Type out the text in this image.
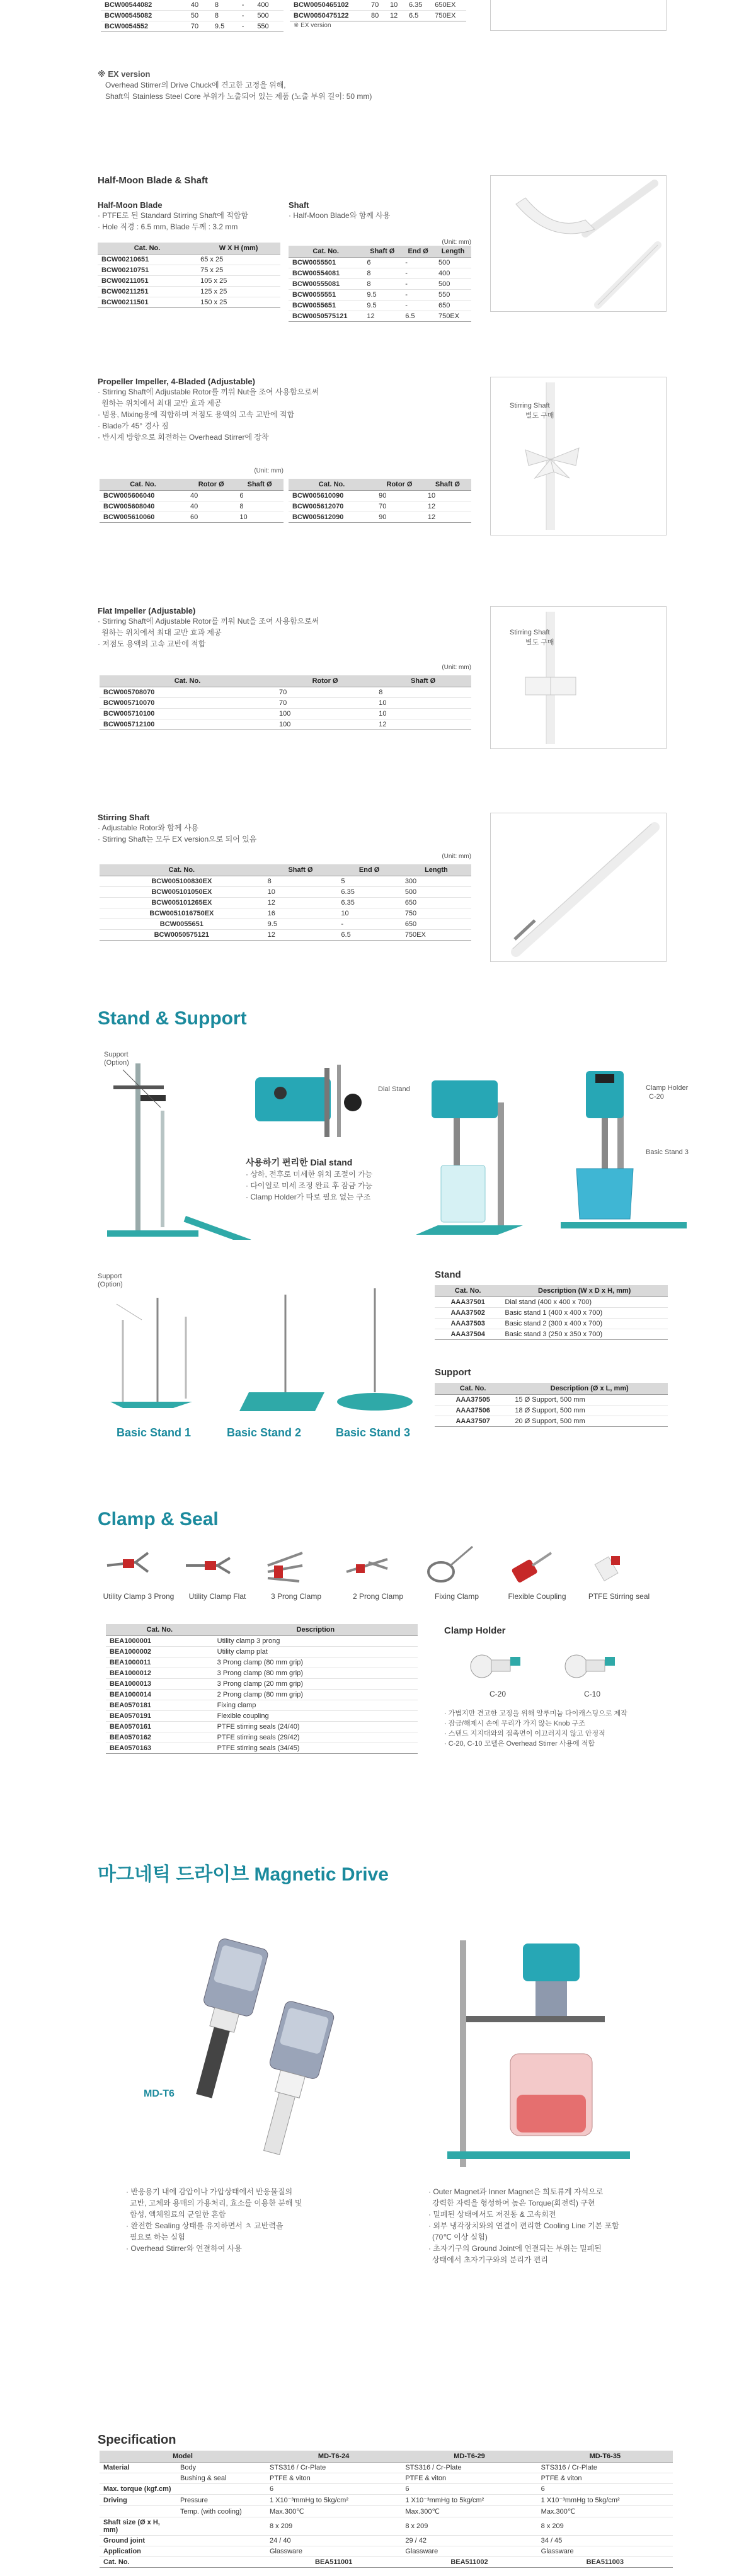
BCW00544082	40	8	-	400
BCW00545082	50	8	-	500
BCW0054552	70	9.5	-	550
BCW0050465102	70	10	6.35	650EX
BCW0050475122	80	12	6.5	750EX
※ EX version
※ EX version
Overhead Stirrer의 Drive Chuck에 견고한 고정을 위해,
Shaft의 Stainless Steel Core 부위가 노출되어 있는 제품 (노출 부위 길이: 50 mm)
Half-Moon Blade & Shaft
Half-Moon Blade
· PTFE로 된 Standard Stirring Shaft에 적합함
· Hole 직경 : 6.5 mm, Blade 두께 : 3.2 mm
Cat. No.	W X H (mm)
BCW00210651	65 x 25
BCW00210751	75 x 25
BCW00211051	105 x 25
BCW00211251	125 x 25
BCW00211501	150 x 25
Shaft
· Half-Moon Blade와 함께 사용
(Unit: mm)
Cat. No.	Shaft Ø	End Ø	Length
BCW0055501	6	-	500
BCW00554081	8	-	400
BCW00555081	8	-	500
BCW0055551	9.5	-	550
BCW0055651	9.5	-	650
BCW0050575121	12	6.5	750EX
Propeller Impeller, 4-Bladed (Adjustable)
· Stirring Shaft에 Adjustable Rotor를 끼워 Nut을 조여 사용함으로써
원하는 위치에서 최대 교반 효과 제공
· 범용, Mixing용에 적합하며 저점도 용액의 고속 교반에 적합
· Blade가 45° 경사 짐
· 반시계 방향으로 회전하는 Overhead Stirrer에 장착
(Unit: mm)
Cat. No.	Rotor Ø	Shaft Ø
BCW005606040	40	6
BCW005608040	40	8
BCW005610060	60	10
Cat. No.	Rotor Ø	Shaft Ø
BCW005610090	90	10
BCW005612070	70	12
BCW005612090	90	12
Stirring Shaft
별도 구매
Flat Impeller (Adjustable)
· Stirring Shaft에 Adjustable Rotor를 끼워 Nut을 조여 사용함으로써
원하는 위치에서 최대 교반 효과 제공
· 저점도 용액의 고속 교반에 적합
(Unit: mm)
Cat. No.	Rotor Ø	Shaft Ø
BCW005708070	70	8
BCW005710070	70	10
BCW005710100	100	10
BCW005712100	100	12
Stirring Shaft
별도 구매
Stirring Shaft
· Adjustable Rotor와 함께 사용
· Stirring Shaft는 모두 EX version으로 되어 있음
(Unit: mm)
Cat. No.	Shaft Ø	End Ø	Length
BCW005100830EX	8	5	300
BCW005101050EX	10	6.35	500
BCW005101265EX	12	6.35	650
BCW0051016750EX	16	10	750
BCW0055651	9.5	-	650
BCW0050575121	12	6.5	750EX
Stand & Support
Support
(Option)
사용하기 편리한 Dial stand
· 상하, 전후로 미세한 위치 조절이 가능
· 다이얼로 미세 조정 완료 후 잠금 가능
· Clamp Holder가 따로 필요 없는 구조
Dial Stand	Clamp Holder
C-20
Basic Stand 3
Support
(Option)
Basic Stand 1	Basic Stand 2	Basic Stand 3
Stand
Cat. No.	Description (W x D x H, mm)
AAA37501	Dial stand (400 x 400 x 700)
AAA37502	Basic stand 1 (400 x 400 x 700)
AAA37503	Basic stand 2 (300 x 400 x 700)
AAA37504	Basic stand 3 (250 x 350 x 700)
Support
Cat. No.	Description (Ø x L, mm)
AAA37505	15 Ø Support, 500 mm
AAA37506	18 Ø Support, 500 mm
AAA37507	20 Ø Support, 500 mm
Clamp & Seal
Utility Clamp 3 Prong	Utility Clamp Flat	3 Prong Clamp	2 Prong Clamp	Fixing Clamp	Flexible Coupling	PTFE Stirring seal
Cat. No.	Description
BEA1000001	Utility clamp 3 prong
BEA1000002	Utility clamp plat
BEA1000011	3 Prong clamp (80 mm grip)
BEA1000012	3 Prong clamp (80 mm grip)
BEA1000013	3 Prong clamp (20 mm grip)
BEA1000014	2 Prong clamp (80 mm grip)
BEA0570181	Fixing clamp
BEA0570191	Flexible coupling
BEA0570161	PTFE stirring seals (24/40)
BEA0570162	PTFE stirring seals (29/42)
BEA0570163	PTFE stirring seals (34/45)
Clamp Holder
C-20	C-10
· 가볍지만 견고한 고정을 위해 알루미늄 다이캐스팅으로 제작
· 잠금/해제시 손에 무리가 가지 않는 Knob 구조
· 스탠드 지지대와의 접촉면이 이끄러지지 않고 안정적
· C-20, C-10 모델은 Overhead Stirrer 사용에 적합
마그네틱 드라이브 Magnetic Drive
MD-T6
· 반응용기 내에 감압이나 가압상태에서 반응물질의
교반, 고체와 용매의 가용처리, 효소를 이용한 분해 및
합성, 액체원료의 균일한 혼합
· 완전한 Sealing 상태를 유지하면서 ㅊ 교반력을
필요로 하는 실험
· Overhead Stirrer와 연결하여 사용
· Outer Magnet과 Inner Magnet은 희토류계 자석으로
강력한 자력을 형성하여 높은 Torque(회전력) 구현
· 밀폐된 상태에서도 저진동 & 고속회전
· 외부 냉각장치와의 연결이 편리한 Cooling Line 기본 포함
(70℃ 이상 실험)
· 초자기구의 Ground Joint에 연결되는 부위는 밀폐된
상태에서 초자기구와의 분리가 편리
Specification
Model		MD-T6-24	MD-T6-29	MD-T6-35
Material	Body	STS316 / Cr-Plate	STS316 / Cr-Plate	STS316 / Cr-Plate
	Bushing & seal	PTFE & viton	PTFE & viton	PTFE & viton
Max. torque (kgf.cm)		6	6	6
Driving	Pressure	1 X10⁻³mmHg to 5kg/cm²	1 X10⁻³mmHg to 5kg/cm²	1 X10⁻³mmHg to 5kg/cm²
	Temp. (with cooling)	Max.300℃	Max.300℃	Max.300℃
Shaft size (Ø x H, mm)		8 x 209	8 x 209	8 x 209
Ground joint		24 / 40	29 / 42	34 / 45
Application		Glassware	Glassware	Glassware
Cat. No.		BEA511001	BEA511002	BEA511003
